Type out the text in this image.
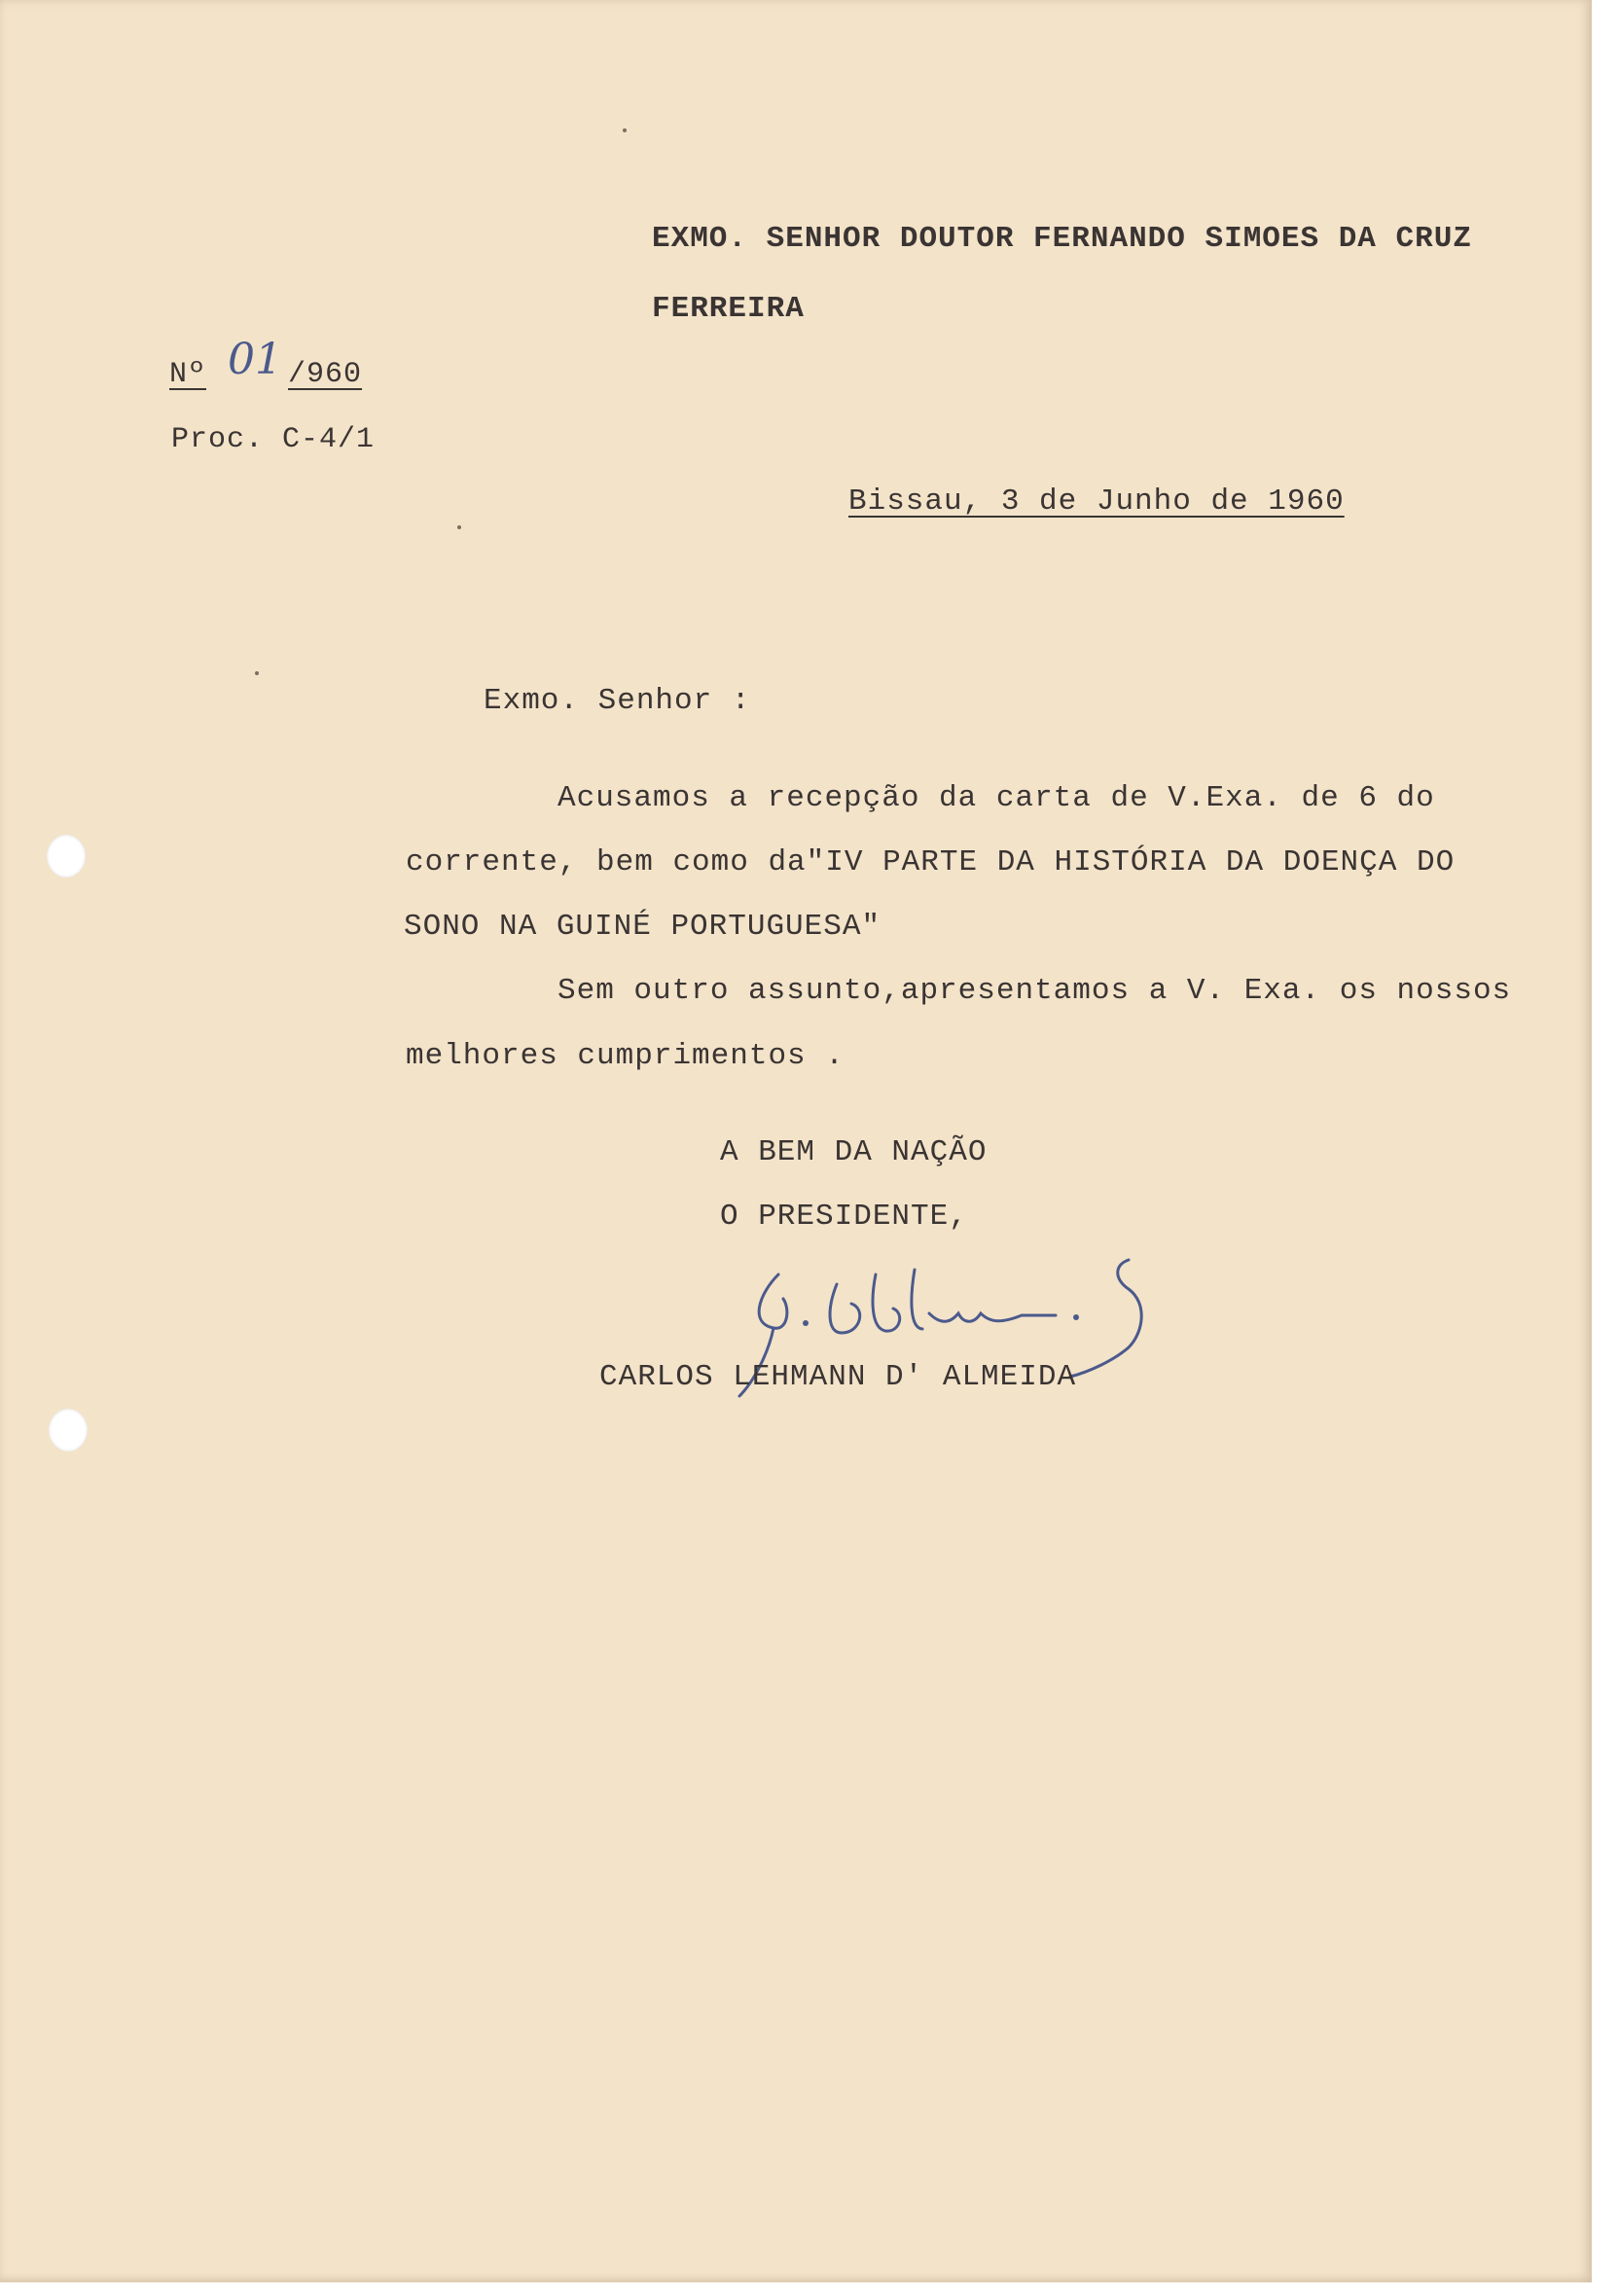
EXMO. SENHOR DOUTOR FERNANDO SIMOES DA CRUZ
FERREIRA
Nº 01 /960
Proc. C-4/1
Bissau, 3 de Junho de 1960
Exmo. Senhor :
Acusamos a recepção da carta de V.Exa. de 6 do
corrente, bem como da"IV PARTE DA HISTÓRIA DA DOENÇA DO
SONO NA GUINÉ PORTUGUESA"
Sem outro assunto,apresentamos a V. Exa. os nossos
melhores cumprimentos .
A BEM DA NAÇÃO
O PRESIDENTE,
CARLOS LEHMANN D' ALMEIDA
